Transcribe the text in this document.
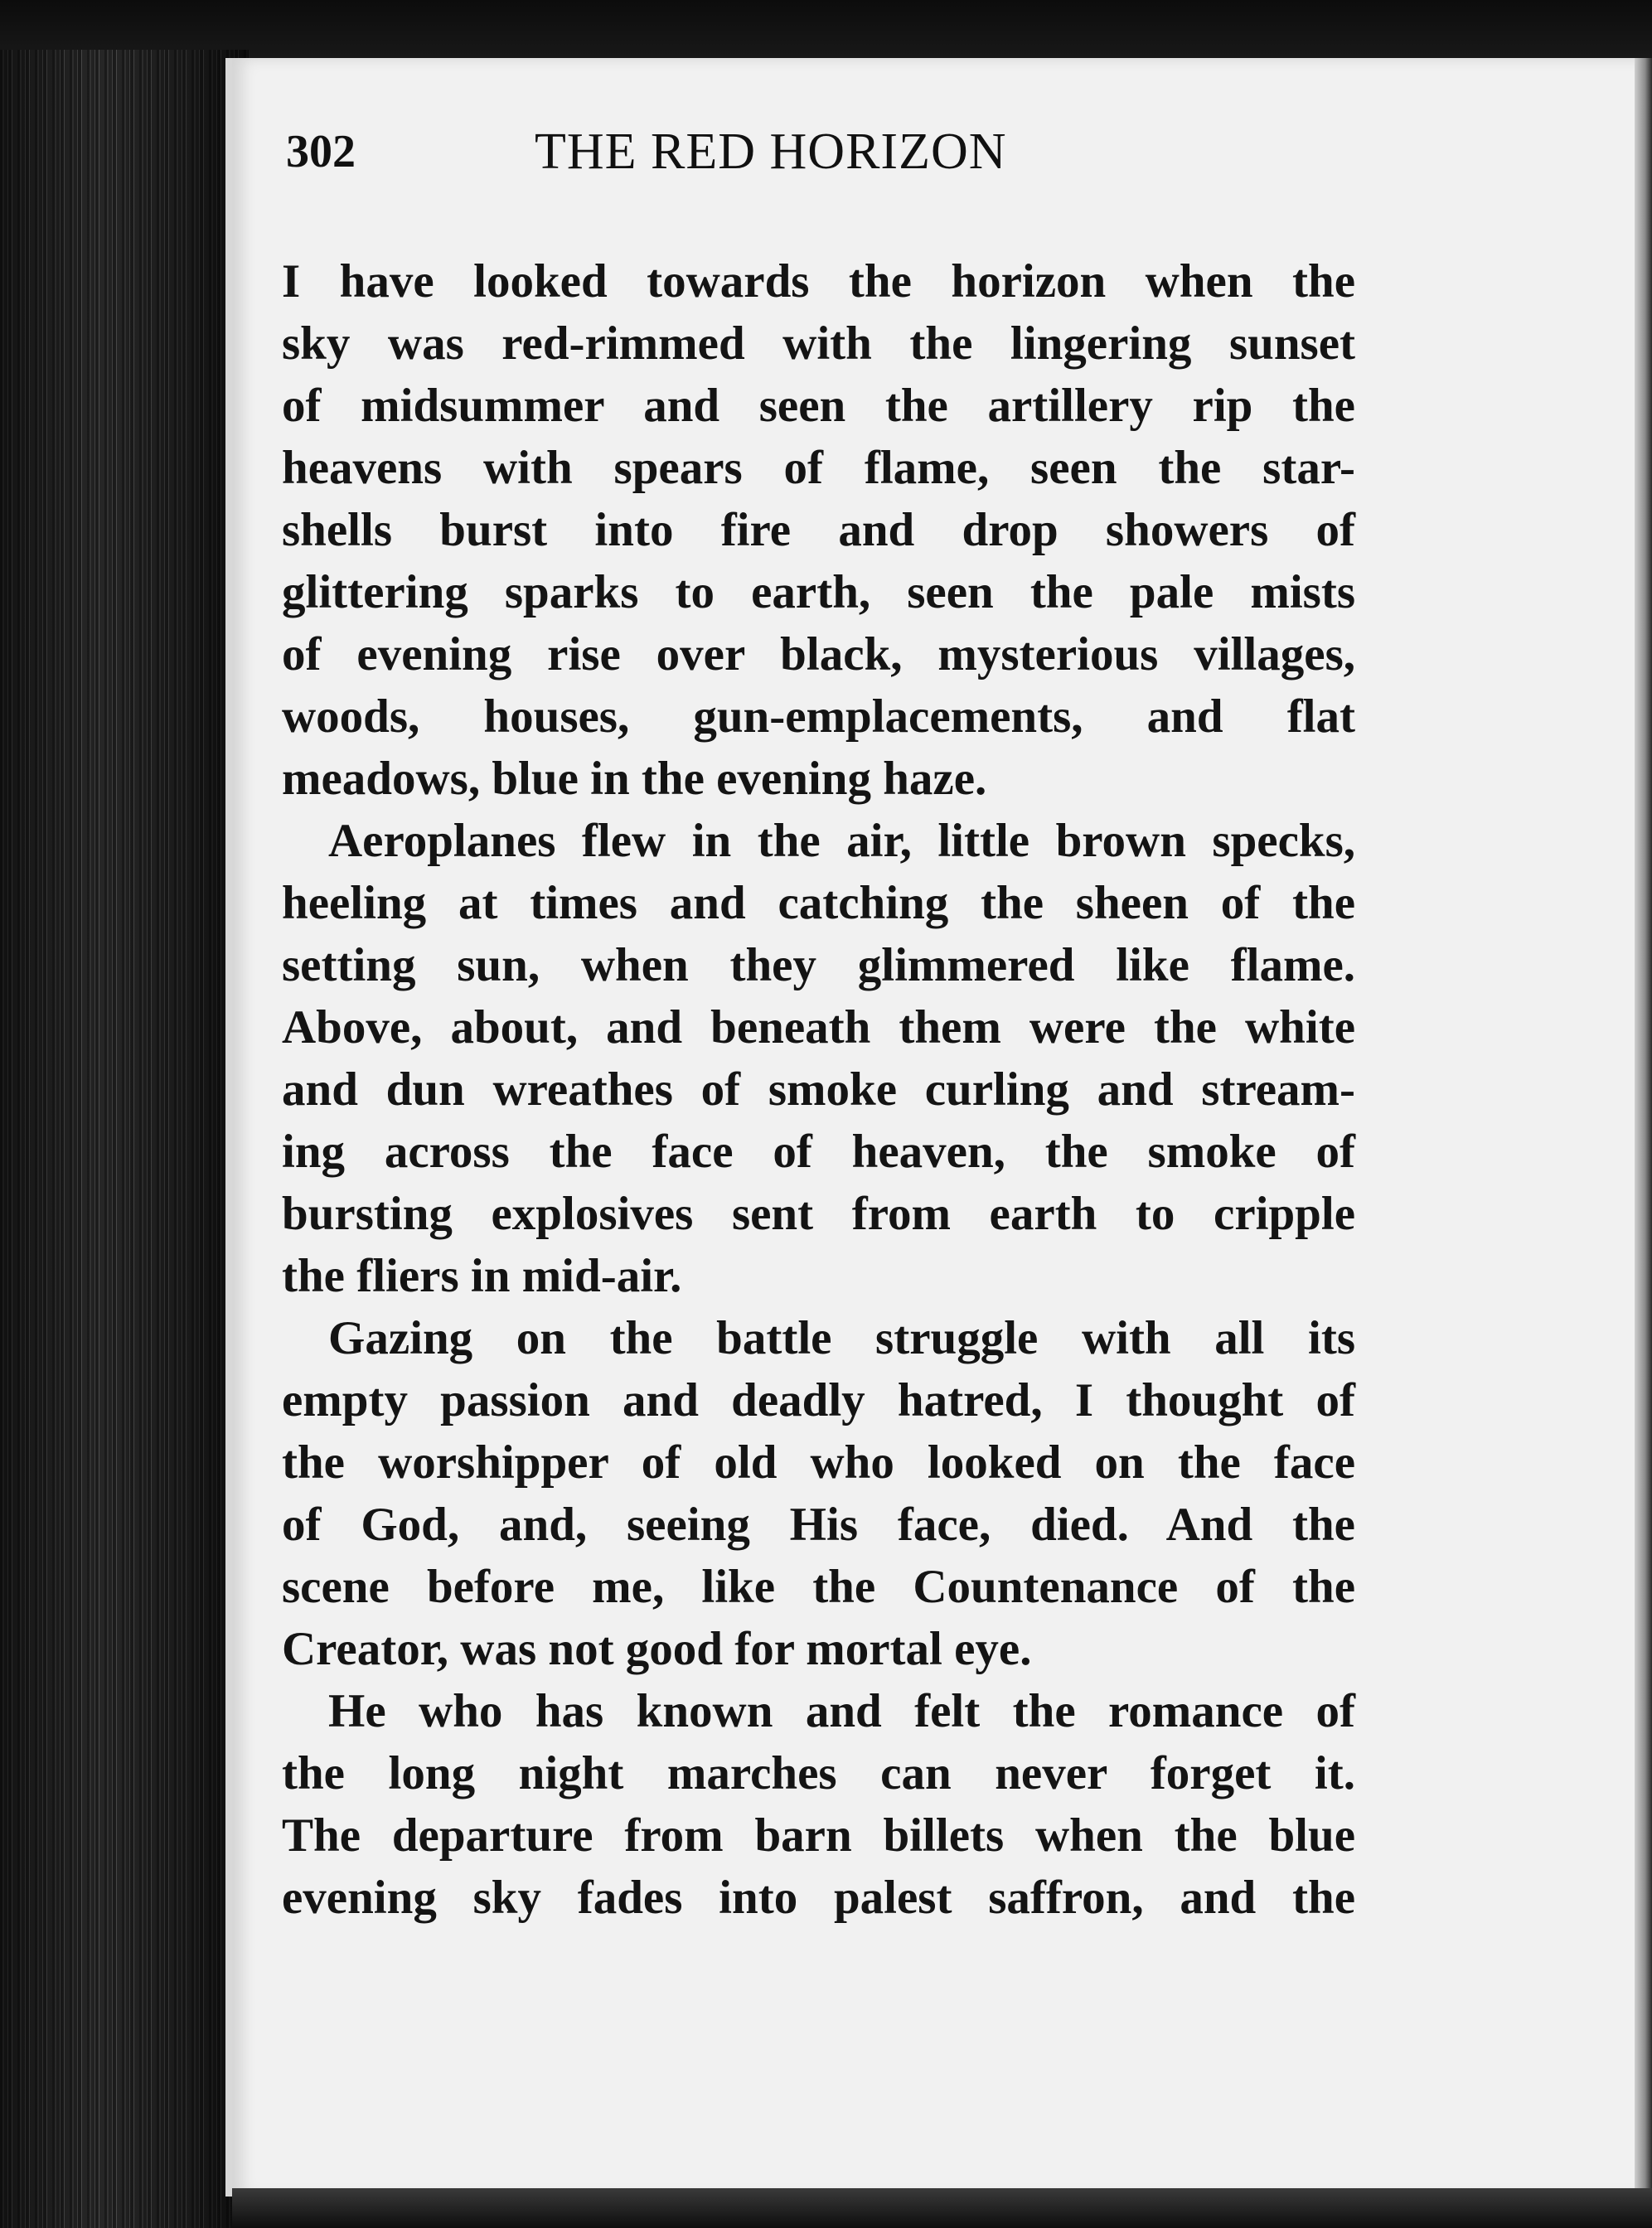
302	THE RED HORIZON
I have looked towards the horizon when the
sky was red-rimmed with the lingering sunset
of midsummer and seen the artillery rip the
heavens with spears of flame, seen the star-
shells burst into fire and drop showers of
glittering sparks to earth, seen the pale mists
of evening rise over black, mysterious villages,
woods, houses, gun-emplacements, and flat
meadows, blue in the evening haze.
Aeroplanes flew in the air, little brown specks,
heeling at times and catching the sheen of the
setting sun, when they glimmered like flame.
Above, about, and beneath them were the white
and dun wreathes of smoke curling and stream-
ing across the face of heaven, the smoke of
bursting explosives sent from earth to cripple
the fliers in mid-air.
Gazing on the battle struggle with all its
empty passion and deadly hatred, I thought of
the worshipper of old who looked on the face
of God, and, seeing His face, died. And the
scene before me, like the Countenance of the
Creator, was not good for mortal eye.
He who has known and felt the romance of
the long night marches can never forget it.
The departure from barn billets when the blue
evening sky fades into palest saffron, and the
